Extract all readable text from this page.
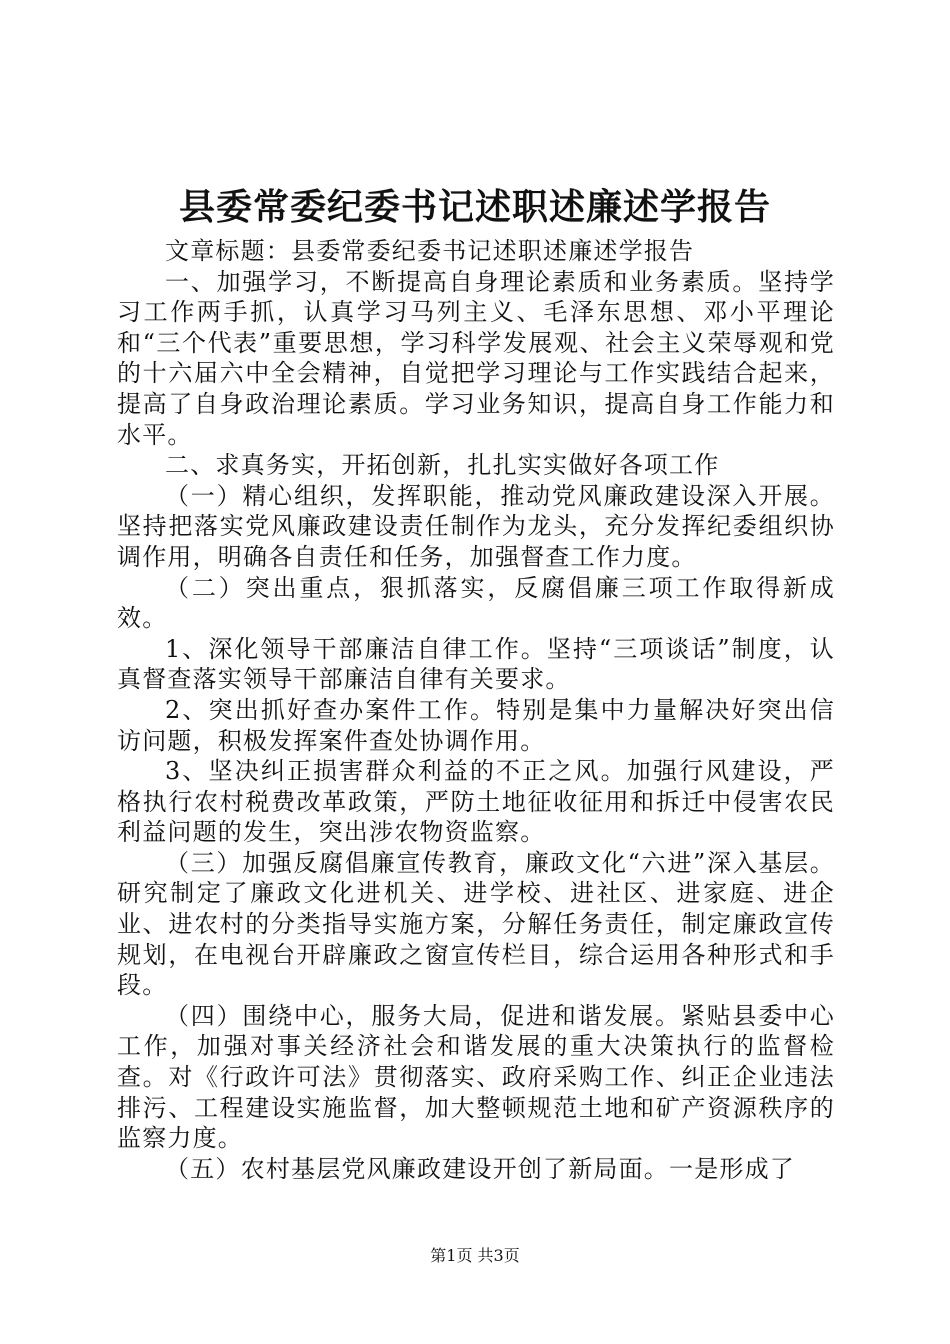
县委常委纪委书记述职述廉述学报告

文章标题：县委常委纪委书记述职述廉述学报告

一、加强学习，不断提高自身理论素质和业务素质。坚持学习工作两手抓，认真学习马列主义、毛泽东思想、邓小平理论和“三个代表”重要思想，学习科学发展观、社会主义荣辱观和党的十六届六中全会精神，自觉把学习理论与工作实践结合起来，提高了自身政治理论素质。学习业务知识，提高自身工作能力和水平。

二、求真务实，开拓创新，扎扎实实做好各项工作

（一）精心组织，发挥职能，推动党风廉政建设深入开展。坚持把落实党风廉政建设责任制作为龙头，充分发挥纪委组织协调作用，明确各自责任和任务，加强督查工作力度。

（二）突出重点，狠抓落实，反腐倡廉三项工作取得新成效。

1、深化领导干部廉洁自律工作。坚持“三项谈话”制度，认真督查落实领导干部廉洁自律有关要求。

2、突出抓好查办案件工作。特别是集中力量解决好突出信访问题，积极发挥案件查处协调作用。

3、坚决纠正损害群众利益的不正之风。加强行风建设，严格执行农村税费改革政策，严防土地征收征用和拆迁中侵害农民利益问题的发生，突出涉农物资监察。

（三）加强反腐倡廉宣传教育，廉政文化“六进”深入基层。研究制定了廉政文化进机关、进学校、进社区、进家庭、进企业、进农村的分类指导实施方案，分解任务责任，制定廉政宣传规划，在电视台开辟廉政之窗宣传栏目，综合运用各种形式和手段。

（四）围绕中心，服务大局，促进和谐发展。紧贴县委中心工作，加强对事关经济社会和谐发展的重大决策执行的监督检查。对《行政许可法》贯彻落实、政府采购工作、纠正企业违法排污、工程建设实施监督，加大整顿规范土地和矿产资源秩序的监察力度。

（五）农村基层党风廉政建设开创了新局面。一是形成了

第1页 共3页
